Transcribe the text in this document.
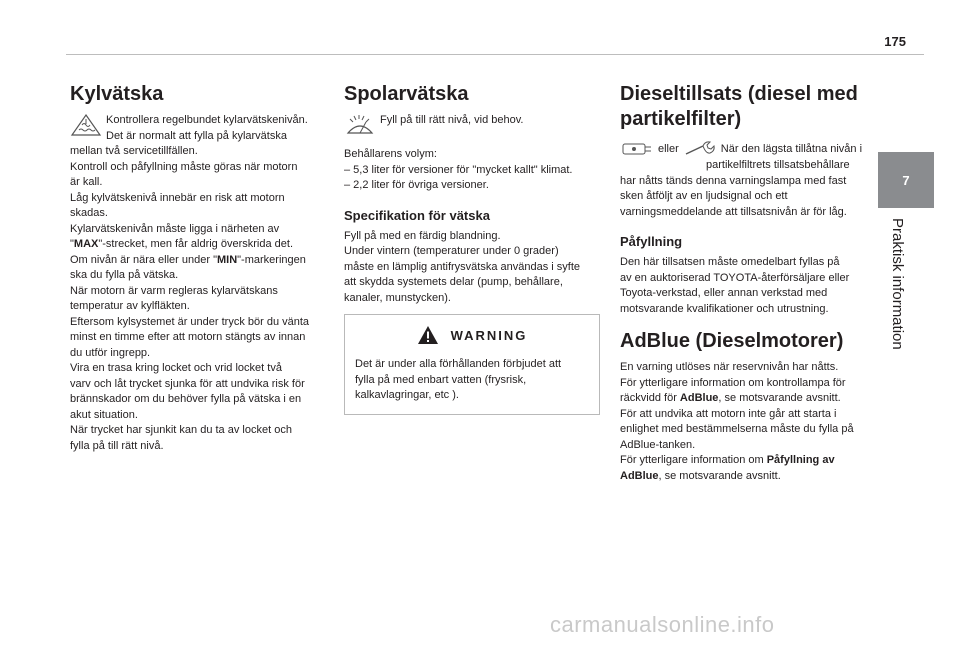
175
7
Praktisk information
Kylvätska

Kontrollera regelbundet kylarvätskenivån.

Det är normalt att fylla på kylarvätska

mellan två servicetillfällen.

Kontroll och påfyllning måste göras när motorn

är kall.

Låg kylvätskenivå innebär en risk att motorn

skadas.

Kylarvätskenivån måste ligga i närheten av

"MAX"-strecket, men får aldrig överskrida det.

Om nivån är nära eller under "MIN"-markeringen

ska du fylla på vätska.

När motorn är varm regleras kylarvätskans

temperatur av kylfläkten.

Eftersom kylsystemet är under tryck bör du vänta

minst en timme efter att motorn stängts av innan

du utför ingrepp.

Vira en trasa kring locket och vrid locket två

varv och låt trycket sjunka för att undvika risk för

brännskador om du behöver fylla på vätska i en

akut situation.

När trycket har sjunkit kan du ta av locket och

fylla på till rätt nivå.

Spolarvätska

Fyll på till rätt nivå, vid behov.

Behållarens volym:

– 5,3 liter för versioner för "mycket kallt" klimat.

– 2,2 liter för övriga versioner.

Specifikation för vätska

Fyll på med en färdig blandning.

Under vintern (temperaturer under 0 grader)

måste en lämplig antifrysvätska användas i syfte

att skydda systemets delar (pump, behållare,

kanaler, munstycken).

WARNING

Det är under alla förhållanden förbjudet att

fylla på med enbart vatten (frysrisk,

kalkavlagringar, etc ).

Dieseltillsats (diesel med
partikelfilter)
eller	När den lägsta tillåtna nivån i

partikelfiltrets tillsatsbehållare

har nåtts tänds denna varningslampa med fast

sken åtföljt av en ljudsignal och ett

varningsmeddelande att tillsatsnivån är för låg.

Påfyllning

Den här tillsatsen måste omedelbart fyllas på

av en auktoriserad TOYOTA-återförsäljare eller

Toyota-verkstad, eller annan verkstad med

motsvarande kvalifikationer och utrustning.

AdBlue (Dieselmotorer)

En varning utlöses när reservnivån har nåtts.

För ytterligare information om kontrollampa för

räckvidd för AdBlue, se motsvarande avsnitt.

För att undvika att motorn inte går att starta i

enlighet med bestämmelserna måste du fylla på

AdBlue-tanken.

För ytterligare information om Påfyllning av

AdBlue, se motsvarande avsnitt.

carmanualsonline.info
